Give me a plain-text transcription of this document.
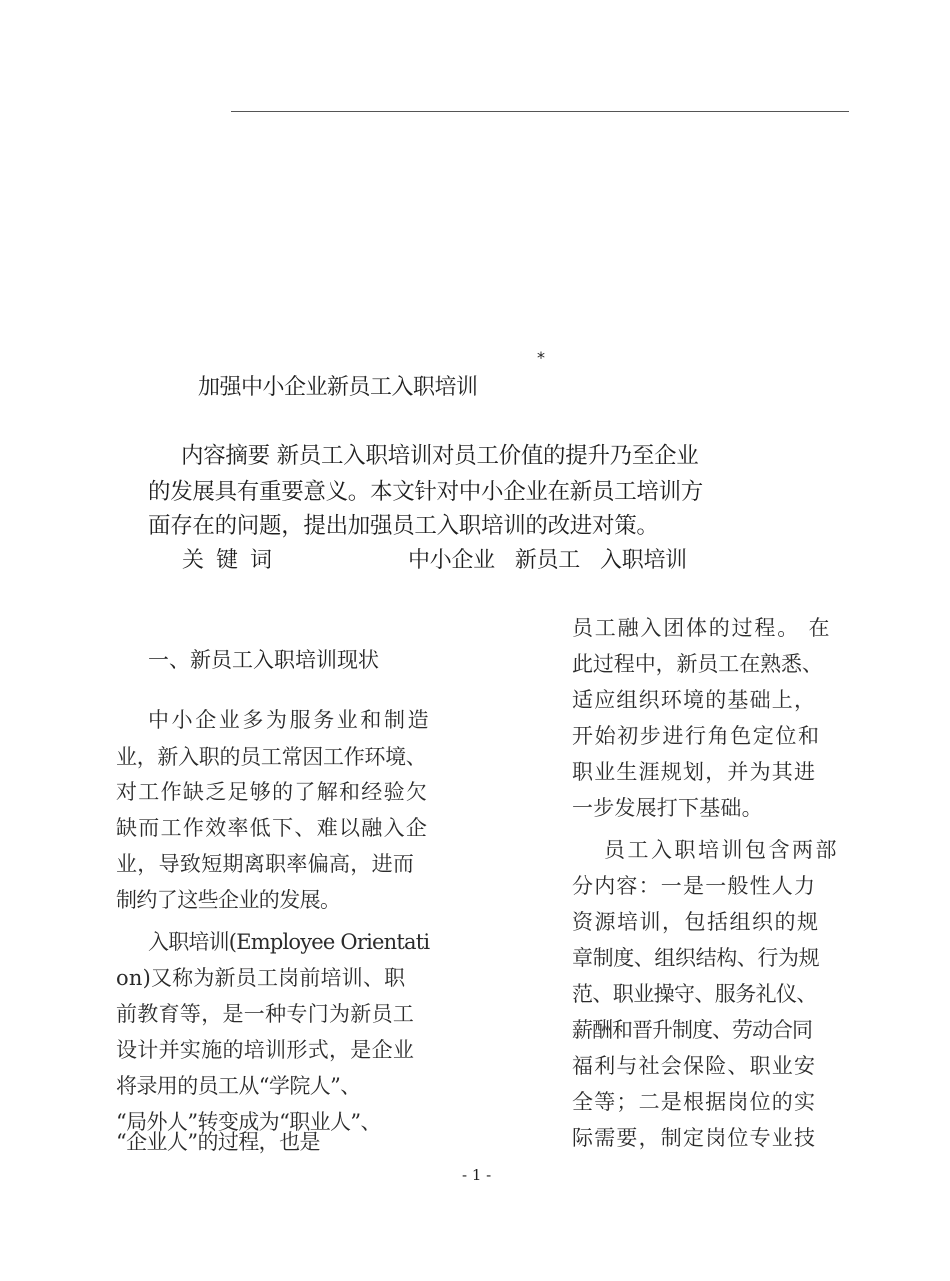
*
加强中小企业新员工入职培训
内容摘要 新员工入职培训对员工价值的提升乃至企业
的发展具有重要意义。本文针对中小企业在新员工培训方
面存在的问题，提出加强员工入职培训的改进对策。
关键词	中小企业   新员工   入职培训
一、新员工入职培训现状
中小企业多为服务业和制造
业，新入职的员工常因工作环境、
对工作缺乏足够的了解和经验欠
缺而工作效率低下、难以融入企
业，导致短期离职率偏高，进而
制约了这些企业的发展。
入职培训(Employee Orientati
on)又称为新员工岗前培训、职
前教育等，是一种专门为新员工
设计并实施的培训形式，是企业
将录用的员工从“学院人”、
“局外人”转变成为“职业人”、
“企业人”的过程，也是
员工融入团体的过程。 在
此过程中，新员工在熟悉、
适应组织环境的基础上，
开始初步进行角色定位和
职业生涯规划，并为其进
一步发展打下基础。
员工入职培训包含两部
分内容：一是一般性人力
资源培训，包括组织的规
章制度、组织结构、行为规
范、职业操守、服务礼仪、
薪酬和晋升制度、劳动合同
福利与社会保险、职业安
全等；二是根据岗位的实
际需要，制定岗位专业技
- 1 -
